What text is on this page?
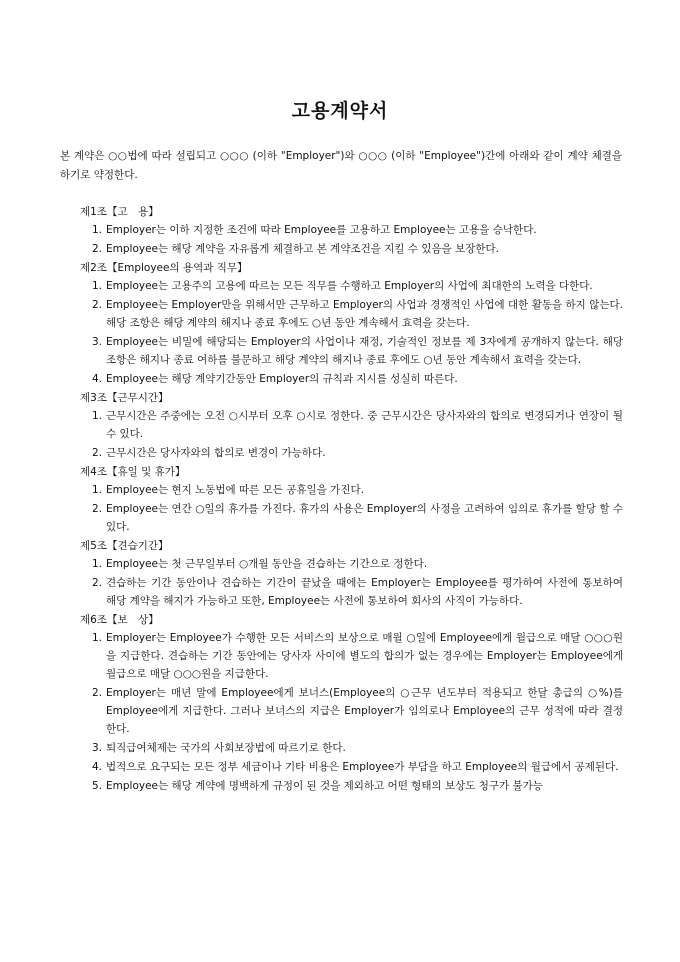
고용계약서

본 계약은 ○○법에 따라 설립되고 ○○○ (이하 "Employer")와 ○○○ (이하 "Employee")간에 아래와 같이 계약 체결을 하기로 약정한다.

제1조【고　용】

1. Employer는 이하 지정한 조건에 따라 Employee를 고용하고 Employee는 고용을 승낙한다.
2. Employee는 해당 계약을 자유롭게 체결하고 본 계약조건을 지킬 수 있음을 보장한다.

제2조【Employee의 용역과 직무】

1. Employee는 고용주의 고용에 따르는 모든 직무를 수행하고 Employer의 사업에 최대한의 노력을 다한다.
2. Employee는 Employer만을 위해서만 근무하고 Employer의 사업과 경쟁적인 사업에 대한 활동을 하지 않는다. 해당 조항은 해당 계약의 해지나 종료 후에도 ○년 동안 계속해서 효력을 갖는다.
3. Employee는 비밀에 해당되는 Employer의 사업이나 재정, 기술적인 정보를 제 3자에게 공개하지 않는다. 해당 조항은 해지나 종료 여하를 불문하고 해당 계약의 해지나 종료 후에도 ○년 동안 계속해서 효력을 갖는다.
4. Employee는 해당 계약기간동안 Employer의 규칙과 지시를 성실히 따른다.

제3조【근무시간】

1. 근무시간은 주중에는 오전 ○시부터 오후 ○시로 정한다. 중 근무시간은 당사자와의 합의로 변경되거나 연장이 될 수 있다.
2. 근무시간은 당사자와의 합의로 변경이 가능하다.

제4조【휴일 및 휴가】

1. Employee는 현지 노동법에 따른 모든 공휴일을 가진다.
2. Employee는 연간 ○일의 휴가를 가진다. 휴가의 사용은 Employer의 사정을 고려하여 임의로 휴가를 할당 할 수 있다.

제5조【견습기간】

1. Employee는 첫 근무일부터 ○개월 동안을 견습하는 기간으로 정한다.
2. 견습하는 기간 동안이나 견습하는 기간이 끝났을 때에는 Employer는 Employee를 평가하여 사전에 통보하여 해당 계약을 해지가 가능하고 또한, Employee는 사전에 통보하여 회사의 사직이 가능하다.

제6조【보　상】

1. Employer는 Employee가 수행한 모든 서비스의 보상으로 매월 ○일에 Employee에게 월급으로 매달 ○○○원을 지급한다. 견습하는 기간 동안에는 당사자 사이에 별도의 합의가 없는 경우에는 Employer는 Employee에게 월급으로 매달 ○○○원을 지급한다.
2. Employer는 매년 말에 Employee에게 보너스(Employee의 ○근무 년도부터 적용되고 한달 총급의 ○%)를 Employee에게 지급한다. 그러나 보너스의 지급은 Employer가 임의로나 Employee의 근무 성적에 따라 결정한다.
3. 퇴직급여체제는 국가의 사회보장법에 따르기로 한다.
4. 법적으로 요구되는 모든 정부 세금이나 기타 비용은 Employee가 부담을 하고 Employee의 월급에서 공제된다.
5. Employee는 해당 계약에 명백하게 규정이 된 것을 제외하고 어떤 형태의 보상도 청구가 불가능
